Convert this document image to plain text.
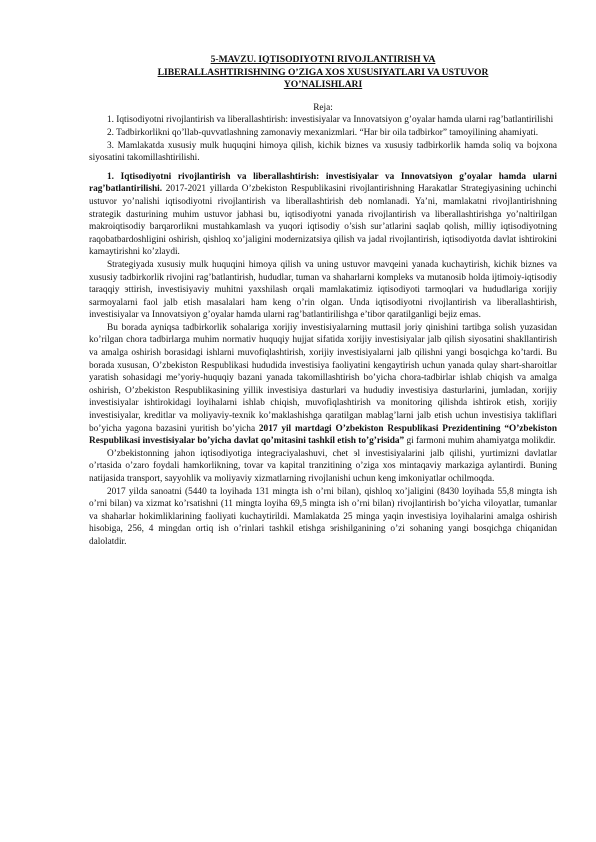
5-MAVZU. IQTISODIYOTNI RIVOJLANTIRISH VA

LIBERALLASHTIRISHNING O’ZIGA XOS XUSUSIYATLARI VA USTUVOR

YO’NALISHLARI

Reja:

1. Iqtisodiyotni rivojlantirish va liberallashtirish: investisiyalar va Innovatsiyon g’oyalar hamda ularni rag’batlantirilishi

2. Tadbirkorlikni qo’llab-quvvatlashning zamonaviy mexanizmlari. “Har bir oila tadbirkor” tamoyilining ahamiyati.

3. Mamlakatda xususiy mulk huquqini himoya qilish, kichik biznes va xususiy tadbirkorlik hamda soliq va bojxona siyosatini takomillashtirilishi.

1. Iqtisodiyotni rivojlantirish va liberallashtirish: investisiyalar va Innovatsiyon g’oyalar hamda ularni rag’batlantirilishi. 2017-2021 yillarda O’zbekiston Respublikasini rivojlantirishning Harakatlar Strategiyasining uchinchi ustuvor yo’nalishi iqtisodiyotni rivojlantirish va liberallashtirish deb nomlanadi. Ya’ni, mamlakatni rivojlantirishning strategik dasturining muhim ustuvor jabhasi bu, iqtisodiyotni yanada rivojlantirish va liberallashtirishga yo’naltirilgan makroiqtisodiy barqarorlikni mustahkamlash va yuqori iqtisodiy o’sish sur’atlarini saqlab qolish, milliy iqtisodiyotning raqobatbardoshligini oshirish, qishloq xo’jaligini modernizatsiya qilish va jadal rivojlantirish, iqtisodiyotda davlat ishtirokini kamaytirishni ko’zlaydi.

Strategiyada xususiy mulk huquqini himoya qilish va uning ustuvor mavqeini yanada kuchaytirish, kichik biznes va xususiy tadbirkorlik rivojini rag’batlantirish, hududlar, tuman va shaharlarni kompleks va mutanosib holda ijtimoiy-iqtisodiy taraqqiy эttirish, investisiyaviy muhitni yaxshilash orqali mamlakatimiz iqtisodiyoti tarmoqlari va hududlariga xorijiy sarmoyalarni faol jalb etish masalalari ham keng o’rin olgan. Unda iqtisodiyotni rivojlantirish va liberallashtirish, investisiyalar va Innovatsiyon g’oyalar hamda ularni rag’batlantirilishga e’tibor qaratilganligi bejiz emas.

Bu borada ayniqsa tadbirkorlik sohalariga xorijiy investisiyalarning muttasil joriy qinishini tartibga solish yuzasidan ko’rilgan chora tadbirlarga muhim normativ huquqiy hujjat sifatida xorijiy investisiyalar jalb qilish siyosatini shakllantirish va amalga oshirish borasidagi ishlarni muvofiqlashtirish, xorijiy investisiyalarni jalb qilishni yangi bosqichga ko’tardi. Bu borada xususan, O’zbekiston Respublikasi hududida investisiya faoliyatini kengaytirish uchun yanada qulay shart-sharoitlar yaratish sohasidagi me’yoriy-huquqiy bazani yanada takomillashtirish bo’yicha chora-tadbirlar ishlab chiqish va amalga oshirish, O’zbekiston Respublikasining yillik investisiya dasturlari va hududiy investisiya dasturlarini, jumladan, xorijiy investisiyalar ishtirokidagi loyihalarni ishlab chiqish, muvofiqlashtirish va monitoring qilishda ishtirok etish, xorijiy investisiyalar, kreditlar va moliyaviy-texnik ko’maklashishga qaratilgan mablag’larni jalb etish uchun investisiya takliflari bo’yicha yagona bazasini yuritish bo’yicha 2017 yil martdagi O’zbekiston Respublikasi Prezidentining “O’zbekiston Respublikasi investisiyalar bo’yicha davlat qo’mitasini tashkil etish to’g’risida” gi farmoni muhim ahamiyatga molikdir.

O’zbekistonning jahon iqtisodiyotiga integraciyalashuvi, chet эl investisiyalarini jalb qilishi, yurtimizni davlatlar o’rtasida o’zaro foydali hamkorlikning, tovar va kapital tranzitining o’ziga xos mintaqaviy markaziga aylantirdi. Buning natijasida transport, sayyohlik va moliyaviy xizmatlarning rivojlanishi uchun keng imkoniyatlar ochilmoqda.

2017 yilda sanoatni (5440 ta loyihada 131 mingta ish o’rni bilan), qishloq xo’jaligini (8430 loyihada 55,8 mingta ish o’rni bilan) va xizmat ko’rsatishni (11 mingta loyiha 69,5 mingta ish o’rni bilan) rivojlantirish bo’yicha viloyatlar, tumanlar va shaharlar hokimliklarining faoliyati kuchaytirildi. Mamlakatda 25 minga yaqin investisiya loyihalarini amalga oshirish hisobiga, 256, 4 mingdan ortiq ish o’rinlari tashkil etishga эrishilganining o’zi sohaning yangi bosqichga chiqanidan dalolatdir.
